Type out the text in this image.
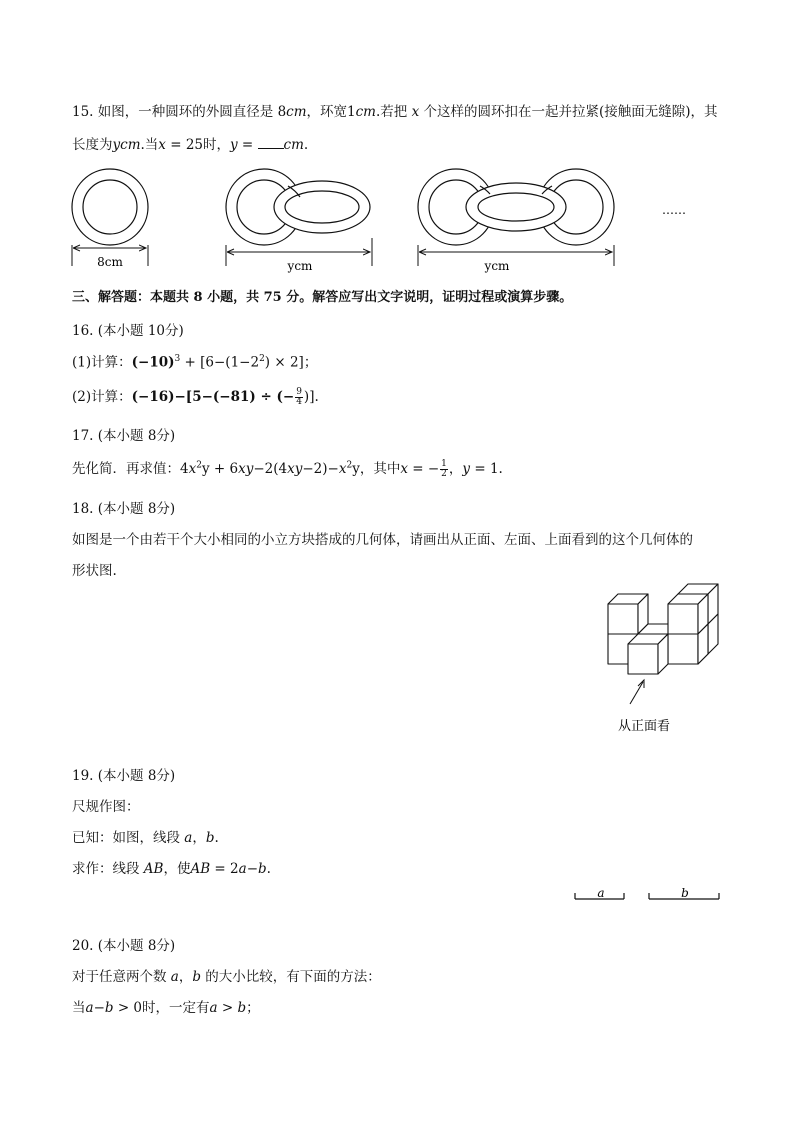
15. 如图，一种圆环的外圆直径是 8cm，环宽1cm.若把 x 个这样的圆环扣在一起并拉紧(接触面无缝隙)，其
长度为ycm.当x = 25时，y = cm.
8cm	ycm	ycm
……
三、解答题：本题共 8 小题，共 75 分。解答应写出文字说明，证明过程或演算步骤。
16. (本小题 10分)
(1)计算：$(-10)^3 + [6-(1-2^2) \times 2]$；
(2)计算：(−16)−[5−(−81) ÷ (− $\frac{9}{4}$ )].
17. (本小题 8分)
先化简．再求值：$4x^2y + 6xy-2(4xy-2)-x^2y$，其中x = − $\frac{1}{2}$ ，y = 1.
18. (本小题 8分)
如图是一个由若干个大小相同的小立方块搭成的几何体，请画出从正面、左面、上面看到的这个几何体的
形状图.
从正面看
19. (本小题 8分)
尺规作图：
已知：如图，线段 a，b.
求作：线段 AB，使AB = 2a−b.
a	b
20. (本小题 8分)
对于任意两个数 a，b 的大小比较，有下面的方法：
当a−b > 0时，一定有a > b；
